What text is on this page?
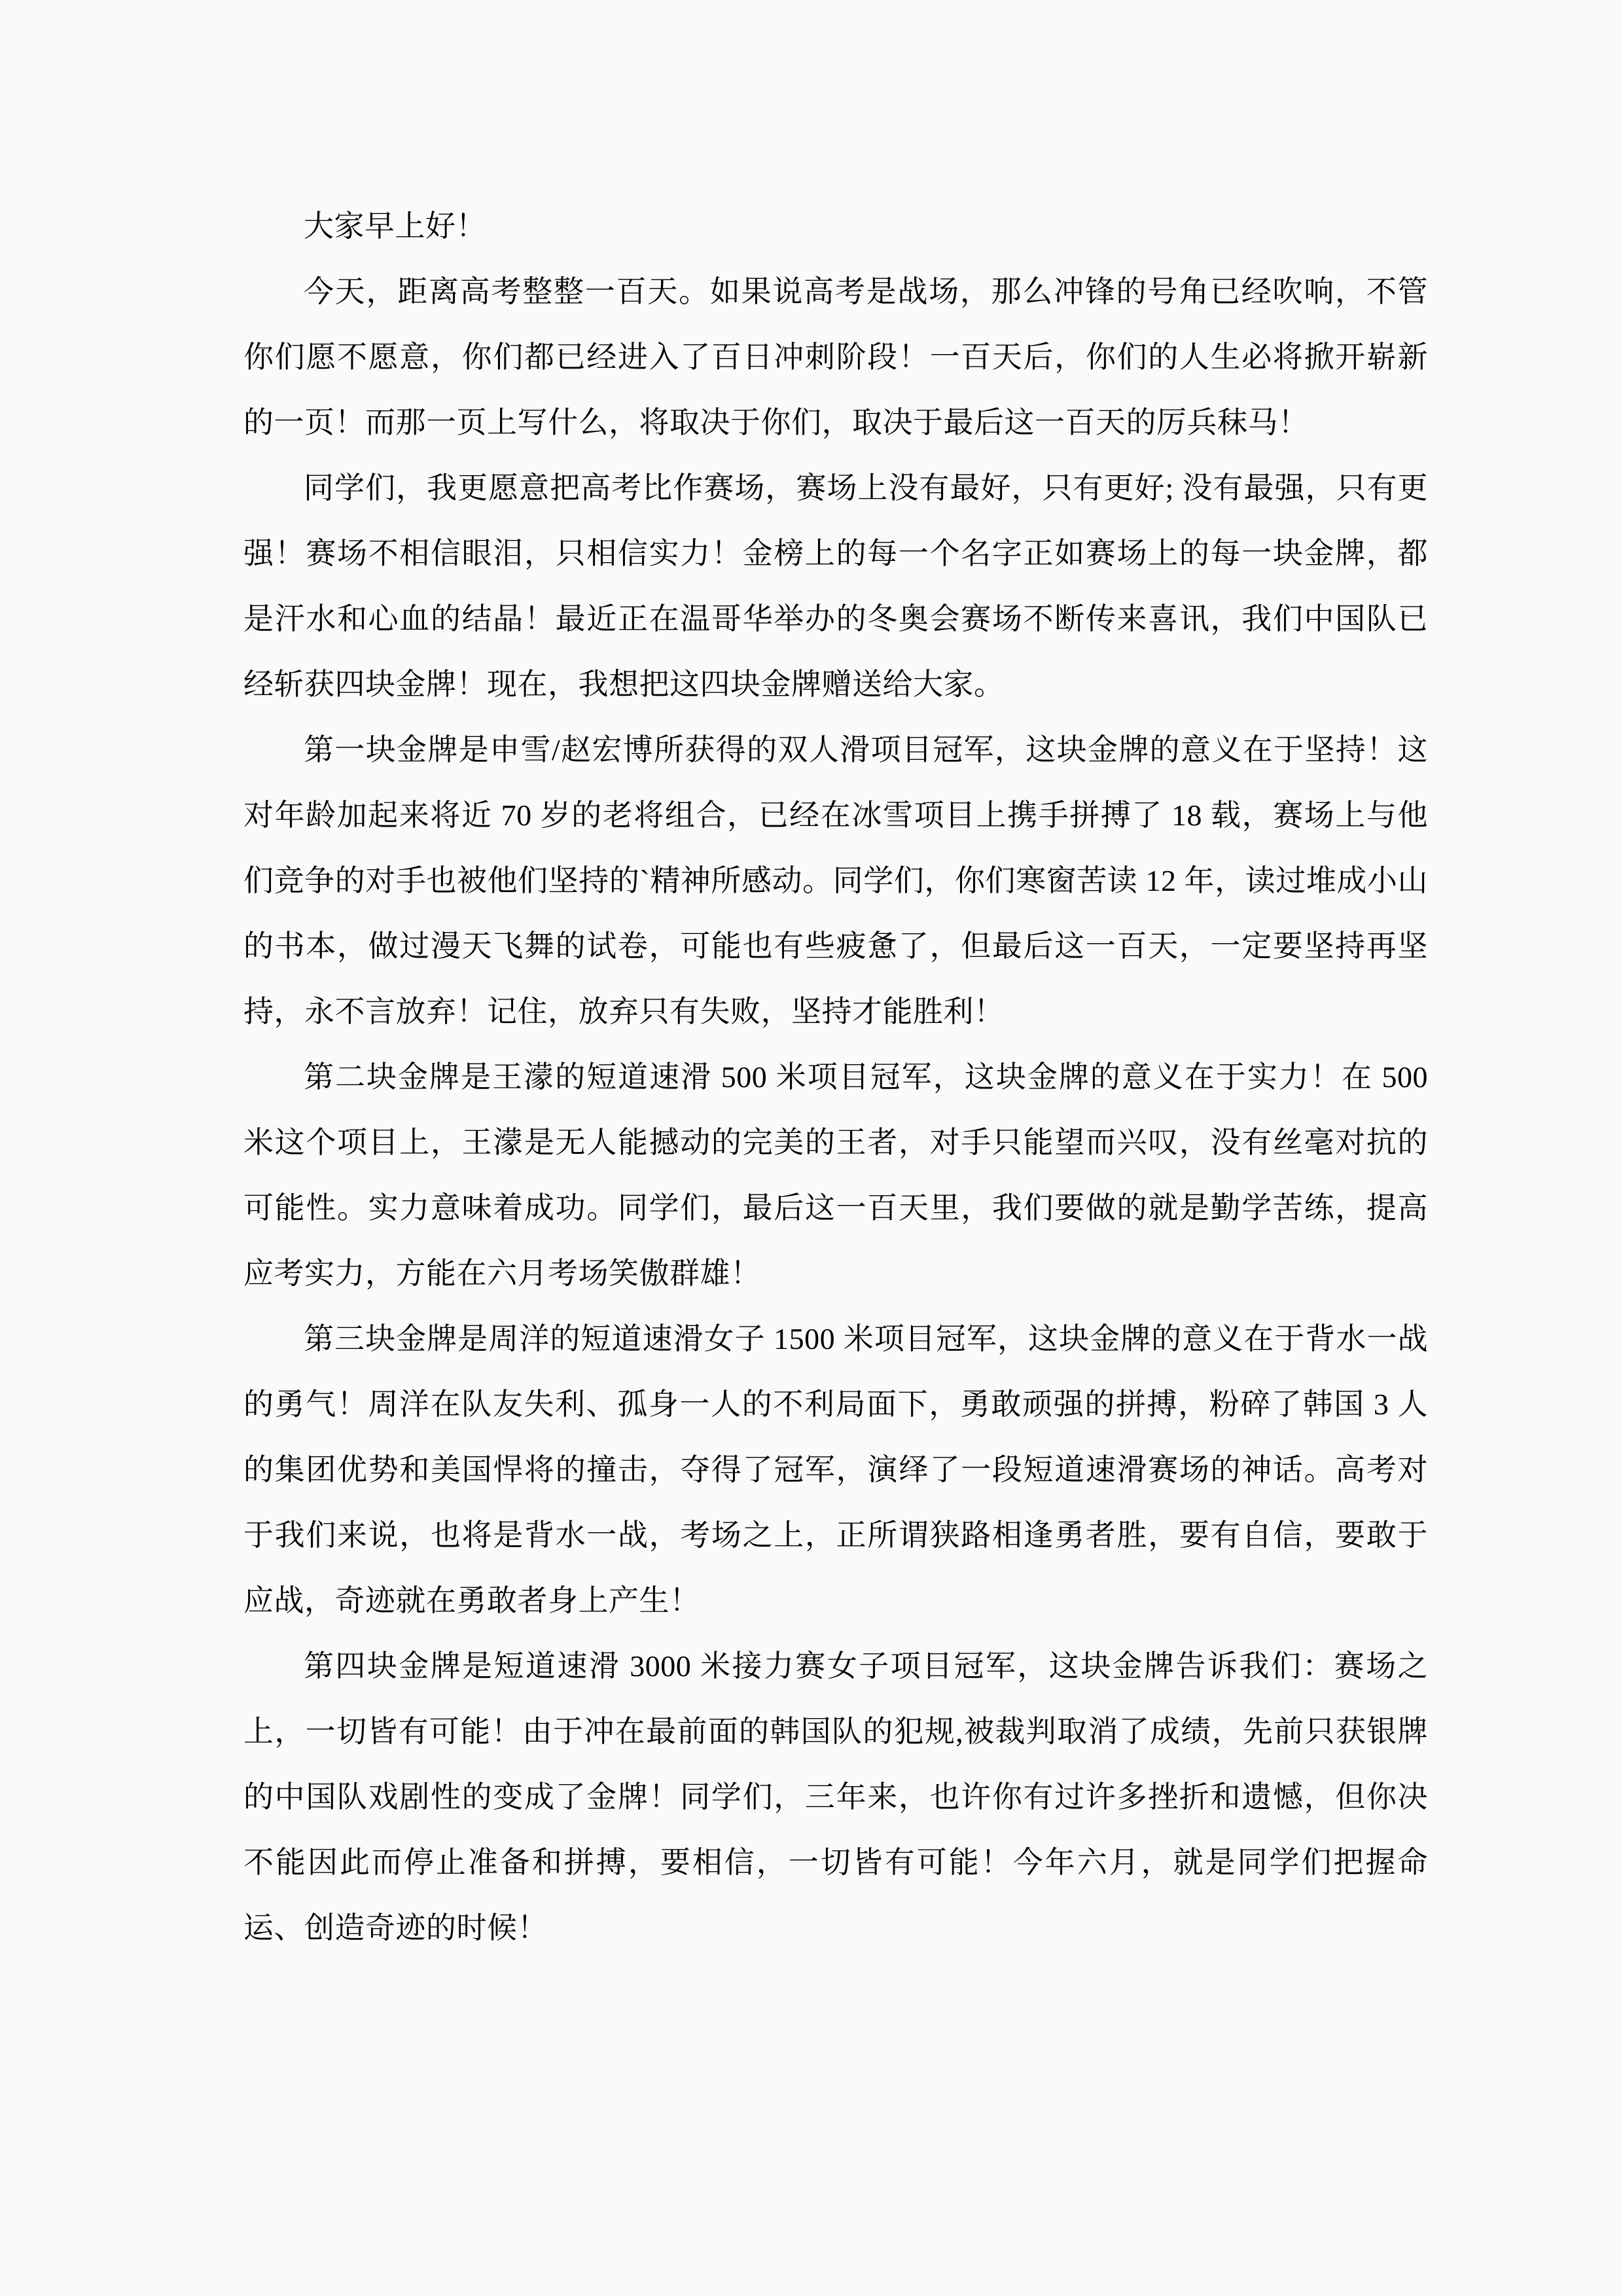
大家早上好！

今天，距离高考整整一百天。如果说高考是战场，那么冲锋的号角已经吹响，不管你们愿不愿意，你们都已经进入了百日冲刺阶段！一百天后，你们的人生必将掀开崭新的一页！而那一页上写什么，将取决于你们，取决于最后这一百天的厉兵秣马！

同学们，我更愿意把高考比作赛场，赛场上没有最好，只有更好; 没有最强，只有更强！赛场不相信眼泪，只相信实力！金榜上的每一个名字正如赛场上的每一块金牌，都是汗水和心血的结晶！最近正在温哥华举办的冬奥会赛场不断传来喜讯，我们中国队已经斩获四块金牌！现在，我想把这四块金牌赠送给大家。

第一块金牌是申雪/赵宏博所获得的双人滑项目冠军，这块金牌的意义在于坚持！这对年龄加起来将近 70 岁的老将组合，已经在冰雪项目上携手拼搏了 18 载，赛场上与他们竞争的对手也被他们坚持的`精神所感动。同学们，你们寒窗苦读 12 年，读过堆成小山的书本，做过漫天飞舞的试卷，可能也有些疲惫了，但最后这一百天，一定要坚持再坚持，永不言放弃！记住，放弃只有失败，坚持才能胜利！

第二块金牌是王濛的短道速滑 500 米项目冠军，这块金牌的意义在于实力！在 500 米这个项目上，王濛是无人能撼动的完美的王者，对手只能望而兴叹，没有丝毫对抗的可能性。实力意味着成功。同学们，最后这一百天里，我们要做的就是勤学苦练，提高应考实力，方能在六月考场笑傲群雄！

第三块金牌是周洋的短道速滑女子 1500 米项目冠军，这块金牌的意义在于背水一战的勇气！周洋在队友失利、孤身一人的不利局面下，勇敢顽强的拼搏，粉碎了韩国 3 人的集团优势和美国悍将的撞击，夺得了冠军，演绎了一段短道速滑赛场的神话。高考对于我们来说，也将是背水一战，考场之上，正所谓狭路相逢勇者胜，要有自信，要敢于应战，奇迹就在勇敢者身上产生！

第四块金牌是短道速滑 3000 米接力赛女子项目冠军，这块金牌告诉我们：赛场之上，一切皆有可能！由于冲在最前面的韩国队的犯规,被裁判取消了成绩，先前只获银牌的中国队戏剧性的变成了金牌！同学们，三年来，也许你有过许多挫折和遗憾，但你决不能因此而停止准备和拼搏，要相信，一切皆有可能！今年六月，就是同学们把握命运、创造奇迹的时候！
